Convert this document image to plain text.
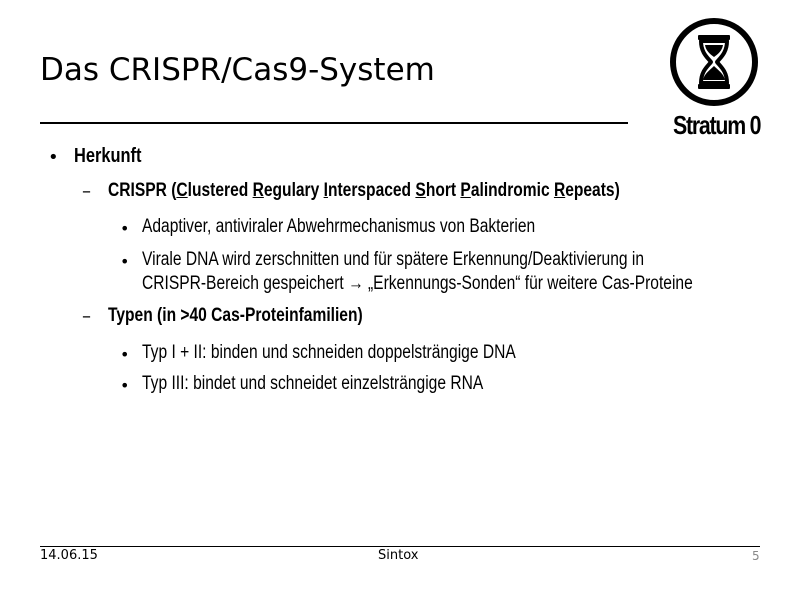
Das CRISPR/Cas9-System
Stratum 0
• Herkunft
– CRISPR (Clustered Regulary Interspaced Short Palindromic Repeats)
• Adaptiver, antiviraler Abwehrmechanismus von Bakterien
• Virale DNA wird zerschnitten und für spätere Erkennung/Deaktivierung in
CRISPR-Bereich gespeichert → „Erkennungs-Sonden“ für weitere Cas-Proteine
– Typen (in >40 Cas-Proteinfamilien)
• Typ I + II: binden und schneiden doppelsträngige DNA
• Typ III: bindet und schneidet einzelsträngige RNA
14.06.15	Sintox	5
